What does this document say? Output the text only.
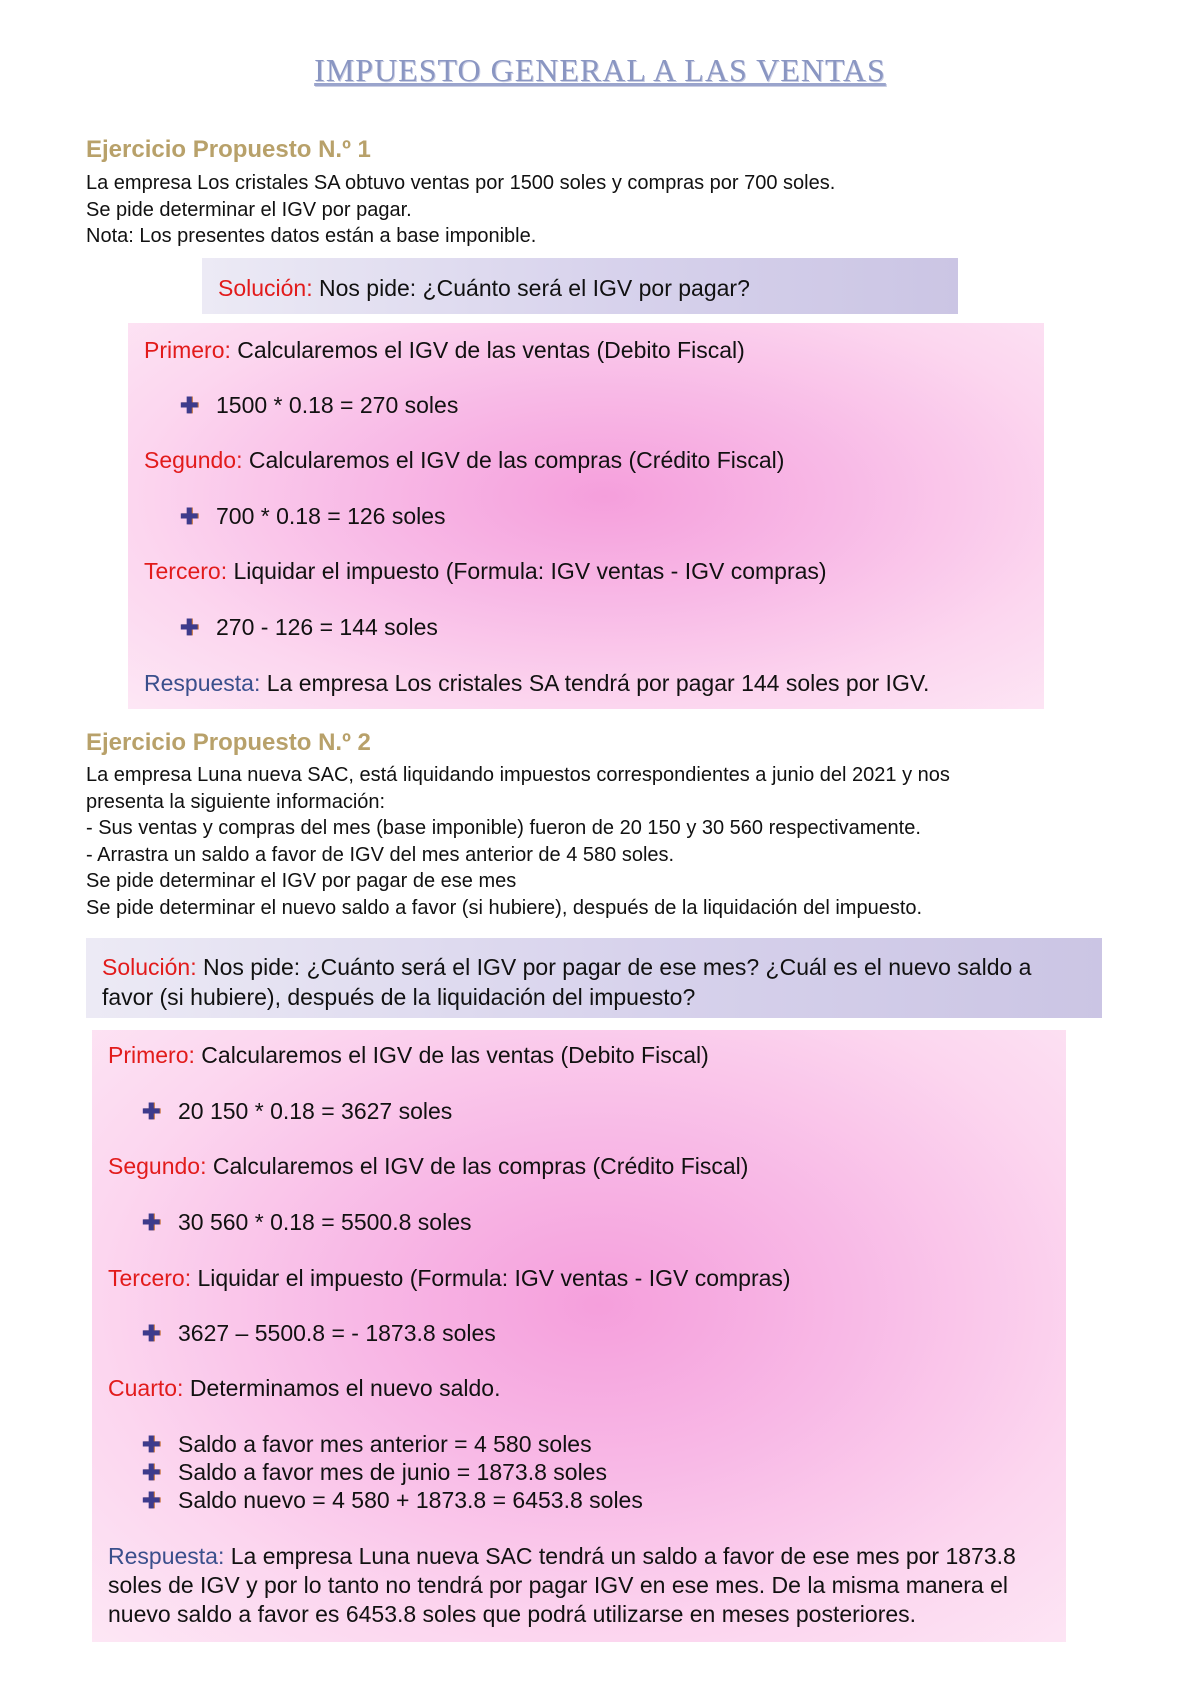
IMPUESTO GENERAL A LAS VENTAS
Ejercicio Propuesto N.º 1
La empresa Los cristales SA obtuvo ventas por 1500 soles y compras por 700 soles.
Se pide determinar el IGV por pagar.
Nota: Los presentes datos están a base imponible.
Solución: Nos pide: ¿Cuánto será el IGV por pagar?
Primero: Calcularemos el IGV de las ventas (Debito Fiscal)
✚ 1500 * 0.18 = 270 soles
Segundo: Calcularemos el IGV de las compras (Crédito Fiscal)
✚ 700 * 0.18 = 126 soles
Tercero: Liquidar el impuesto (Formula: IGV ventas - IGV compras)
✚ 270 - 126 = 144 soles
Respuesta: La empresa Los cristales SA tendrá por pagar 144 soles por IGV.
Ejercicio Propuesto N.º 2
La empresa Luna nueva SAC, está liquidando impuestos correspondientes a junio del 2021 y nos
presenta la siguiente información:
- Sus ventas y compras del mes (base imponible) fueron de 20 150 y 30 560 respectivamente.
- Arrastra un saldo a favor de IGV del mes anterior de 4 580 soles.
Se pide determinar el IGV por pagar de ese mes
Se pide determinar el nuevo saldo a favor (si hubiere), después de la liquidación del impuesto.
Solución: Nos pide: ¿Cuánto será el IGV por pagar de ese mes? ¿Cuál es el nuevo saldo a favor (si hubiere), después de la liquidación del impuesto?
Primero: Calcularemos el IGV de las ventas (Debito Fiscal)
✚ 20 150 * 0.18 = 3627 soles
Segundo: Calcularemos el IGV de las compras (Crédito Fiscal)
✚ 30 560 * 0.18 = 5500.8 soles
Tercero: Liquidar el impuesto (Formula: IGV ventas - IGV compras)
✚ 3627 – 5500.8 = - 1873.8 soles
Cuarto: Determinamos el nuevo saldo.
✚ Saldo a favor mes anterior = 4 580 soles
✚ Saldo a favor mes de junio = 1873.8 soles
✚ Saldo nuevo = 4 580 + 1873.8 = 6453.8 soles
Respuesta: La empresa Luna nueva SAC tendrá un saldo a favor de ese mes por 1873.8 soles de IGV y por lo tanto no tendrá por pagar IGV en ese mes. De la misma manera el nuevo saldo a favor es 6453.8 soles que podrá utilizarse en meses posteriores.
